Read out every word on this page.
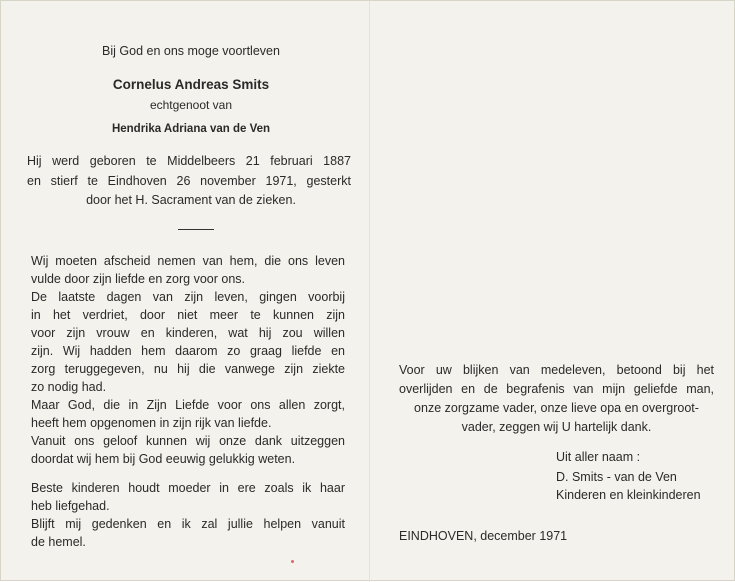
Bij God en ons moge voortleven
Cornelus Andreas Smits
echtgenoot van
Hendrika Adriana van de Ven
Hij werd geboren te Middelbeers 21 februari 1887
en stierf te Eindhoven 26 november 1971, gesterkt
door het H. Sacrament van de zieken.
Wij moeten afscheid nemen van hem, die ons leven
vulde door zijn liefde en zorg voor ons.
De laatste dagen van zijn leven, gingen voorbij
in het verdriet, door niet meer te kunnen zijn
voor zijn vrouw en kinderen, wat hij zou willen
zijn. Wij hadden hem daarom zo graag liefde en
zorg teruggegeven, nu hij die vanwege zijn ziekte
zo nodig had.
Maar God, die in Zijn Liefde voor ons allen zorgt,
heeft hem opgenomen in zijn rijk van liefde.
Vanuit ons geloof kunnen wij onze dank uitzeggen
doordat wij hem bij God eeuwig gelukkig weten.
Beste kinderen houdt moeder in ere zoals ik haar
heb liefgehad.
Blijft mij gedenken en ik zal jullie helpen vanuit
de hemel.
Voor uw blijken van medeleven, betoond bij het
overlijden en de begrafenis van mijn geliefde man,
onze zorgzame vader, onze lieve opa en overgroot-
vader, zeggen wij U hartelijk dank.
Uit aller naam :
D. Smits - van de Ven
Kinderen en kleinkinderen
EINDHOVEN, december 1971
